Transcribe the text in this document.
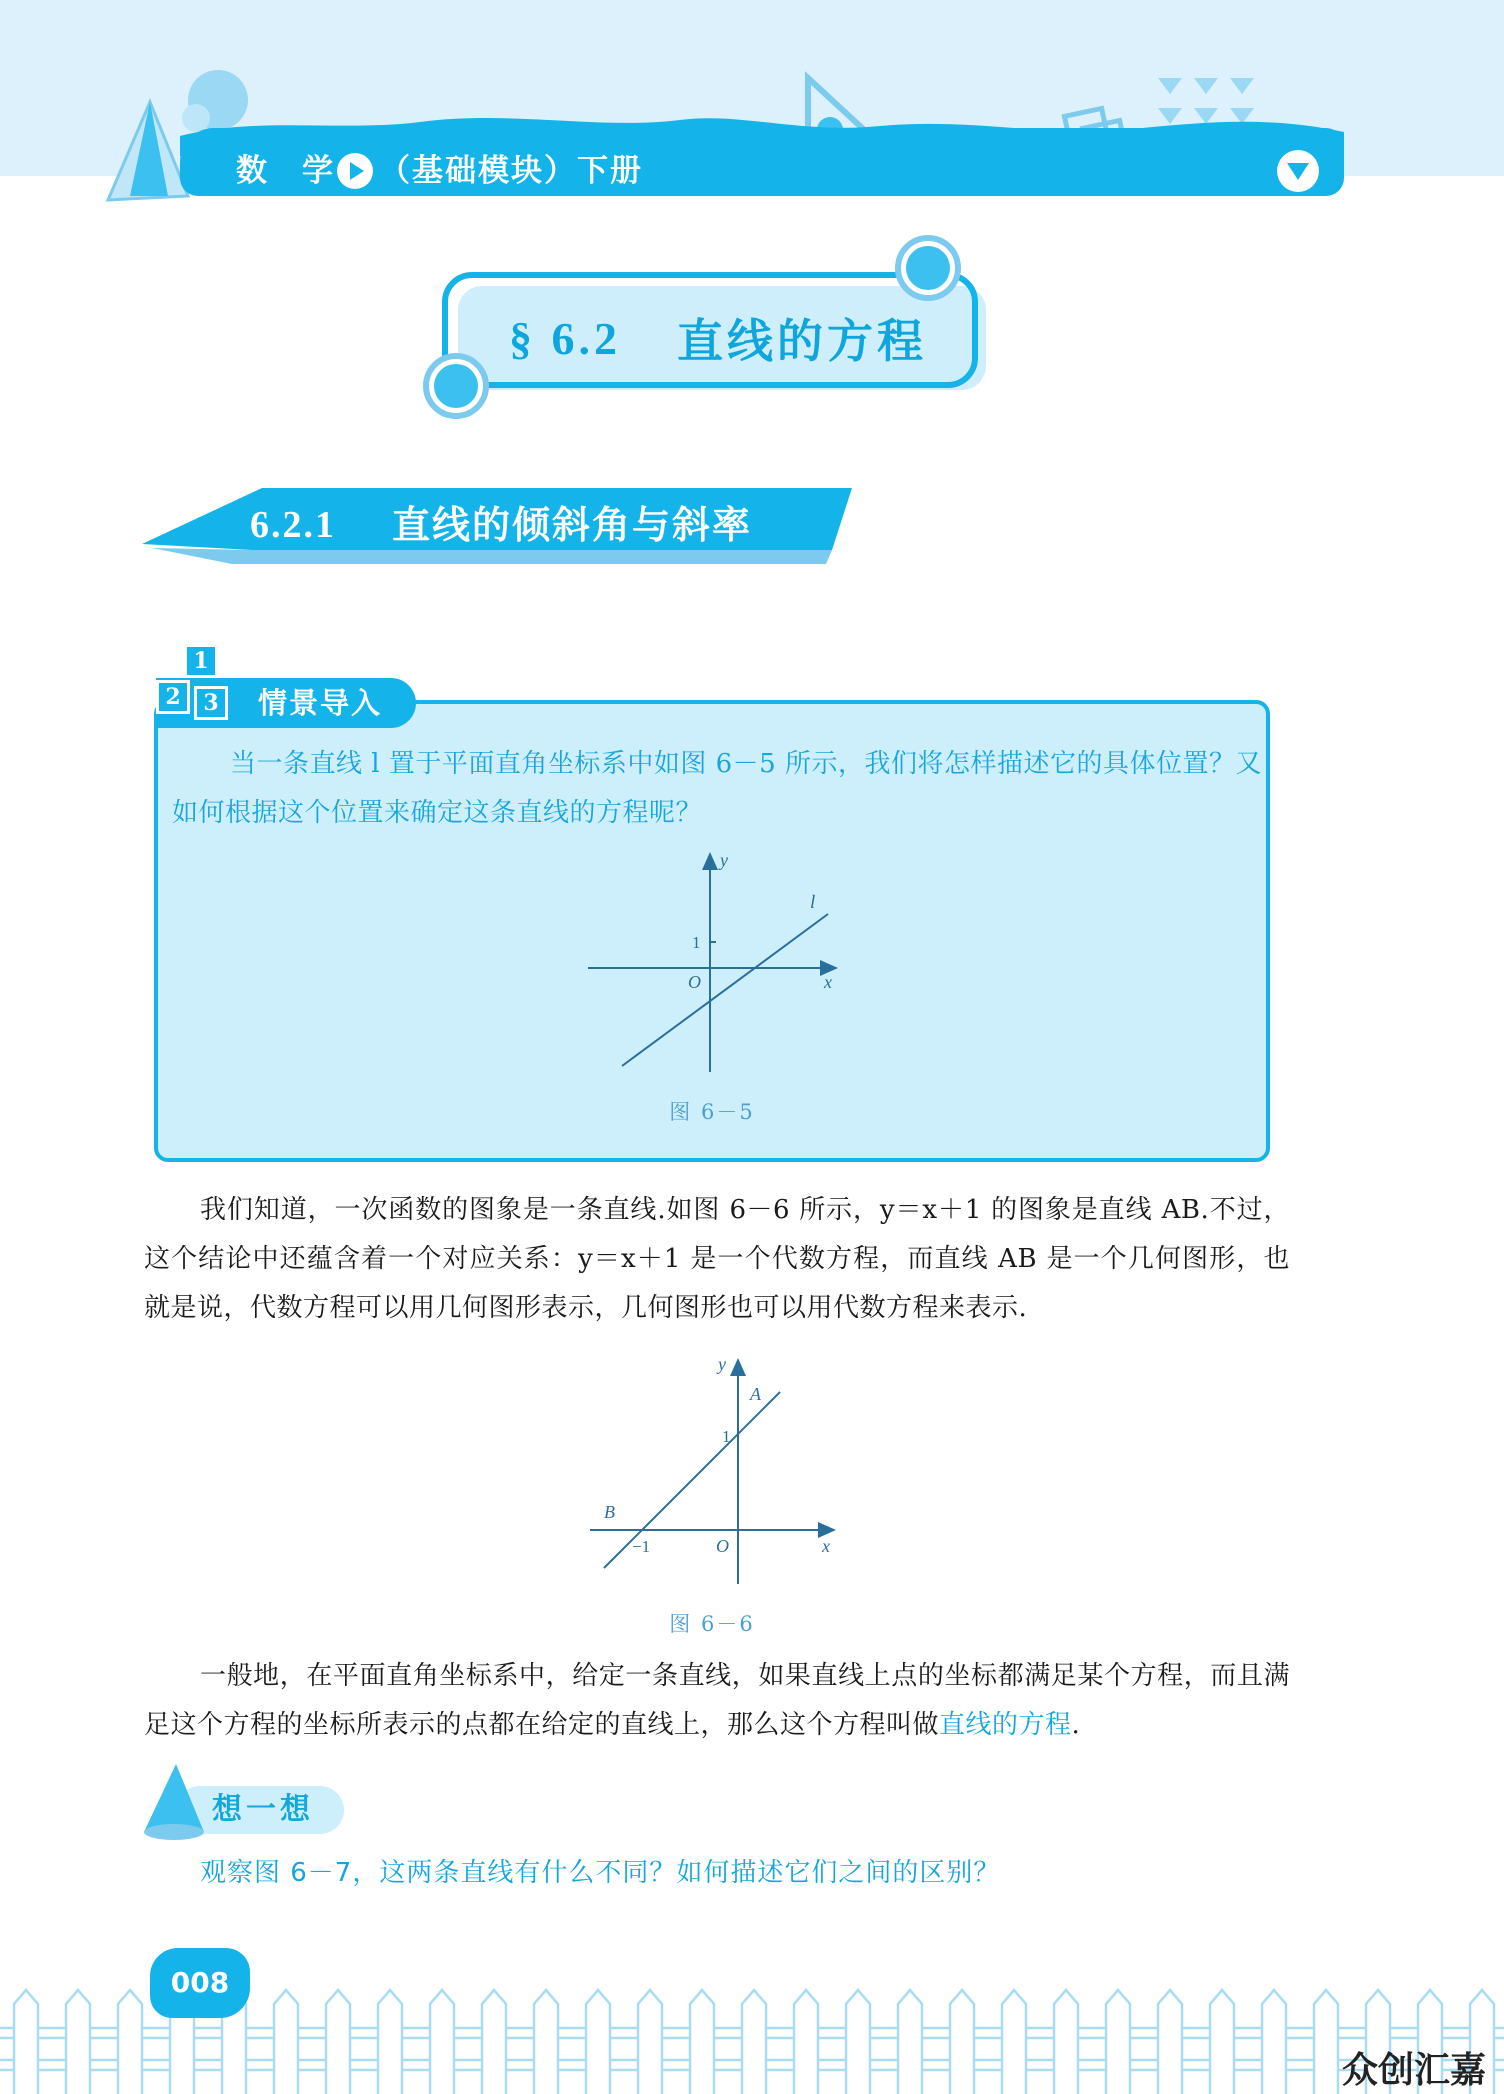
数　学 （基础模块）下册
§ 6.2 直线的方程
6.2.1 直线的倾斜角与斜率
1
2	3	情景导入
当一条直线 l 置于平面直角坐标系中如图 6－5 所示，我们将怎样描述它的具体位置？又如何根据这个位置来确定这条直线的方程呢？
y
x
O
1
l
图 6－5
我们知道，一次函数的图象是一条直线.如图 6－6 所示，y＝x＋1 的图象是直线 AB.不过，这个结论中还蕴含着一个对应关系：y＝x＋1 是一个代数方程，而直线 AB 是一个几何图形，也就是说，代数方程可以用几何图形表示，几何图形也可以用代数方程来表示.
y
x
O
A
B
1
−1
图 6－6
一般地，在平面直角坐标系中，给定一条直线，如果直线上点的坐标都满足某个方程，而且满足这个方程的坐标所表示的点都在给定的直线上，那么这个方程叫做直线的方程.
想一想
观察图 6－7，这两条直线有什么不同？如何描述它们之间的区别？
008
众创汇嘉
